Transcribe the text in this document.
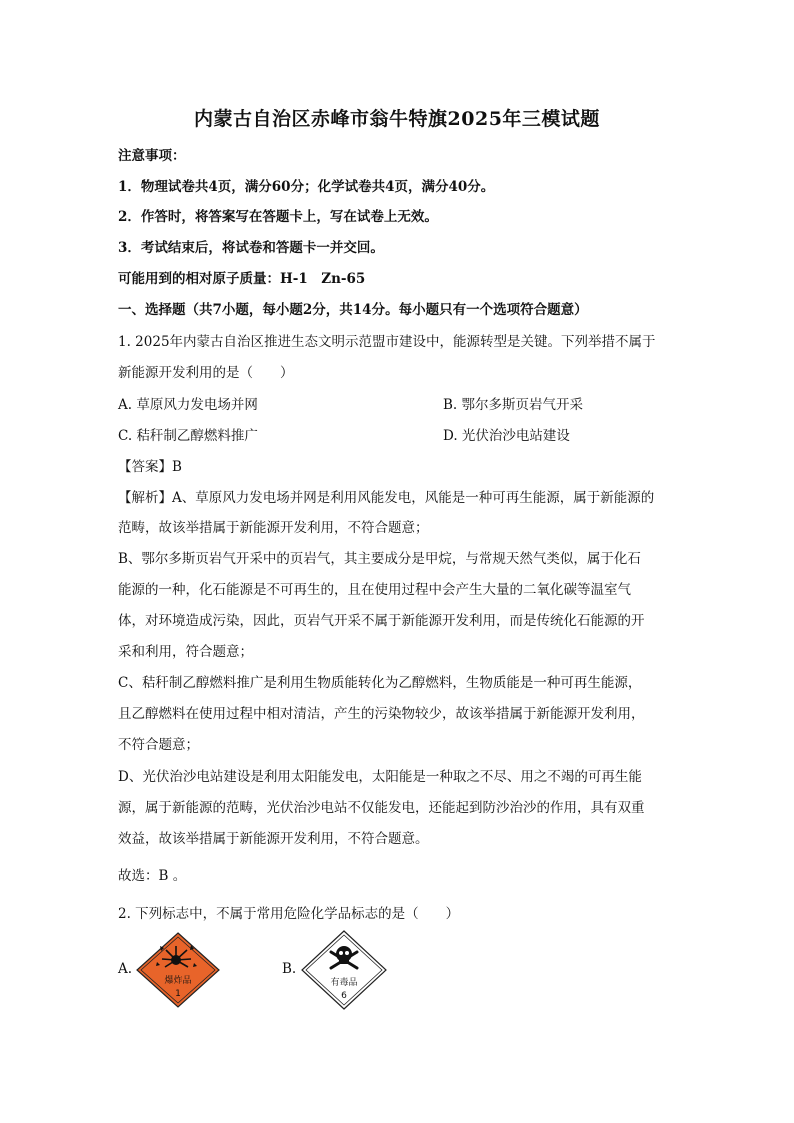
内蒙古自治区赤峰市翁牛特旗2025年三模试题
注意事项：
1．物理试卷共4页，满分60分；化学试卷共4页，满分40分。
2．作答时，将答案写在答题卡上，写在试卷上无效。
3．考试结束后，将试卷和答题卡一并交回。
可能用到的相对原子质量：H-1　Zn-65
一、选择题（共7小题，每小题2分，共14分。每小题只有一个选项符合题意）
1. 2025年内蒙古自治区推进生态文明示范盟市建设中，能源转型是关键。下列举措不属于
新能源开发利用的是（　　）
A. 草原风力发电场并网	B. 鄂尔多斯页岩气开采
C. 秸秆制乙醇燃料推广	D. 光伏治沙电站建设
【答案】B
【解析】A、草原风力发电场并网是利用风能发电，风能是一种可再生能源，属于新能源的
范畴，故该举措属于新能源开发利用，不符合题意；
B、鄂尔多斯页岩气开采中的页岩气，其主要成分是甲烷，与常规天然气类似，属于化石
能源的一种，化石能源是不可再生的，且在使用过程中会产生大量的二氧化碳等温室气
体，对环境造成污染，因此，页岩气开采不属于新能源开发利用，而是传统化石能源的开
采和利用，符合题意；
C、秸秆制乙醇燃料推广是利用生物质能转化为乙醇燃料，生物质能是一种可再生能源，
且乙醇燃料在使用过程中相对清洁，产生的污染物较少，故该举措属于新能源开发利用，
不符合题意；
D、光伏治沙电站建设是利用太阳能发电，太阳能是一种取之不尽、用之不竭的可再生能
源，属于新能源的范畴，光伏治沙电站不仅能发电，还能起到防沙治沙的作用，具有双重
效益，故该举措属于新能源开发利用，不符合题意。
故选：B 。
2. 下列标志中，不属于常用危险化学品标志的是（　　）
A.
爆炸品
1
B.
有毒品
6
